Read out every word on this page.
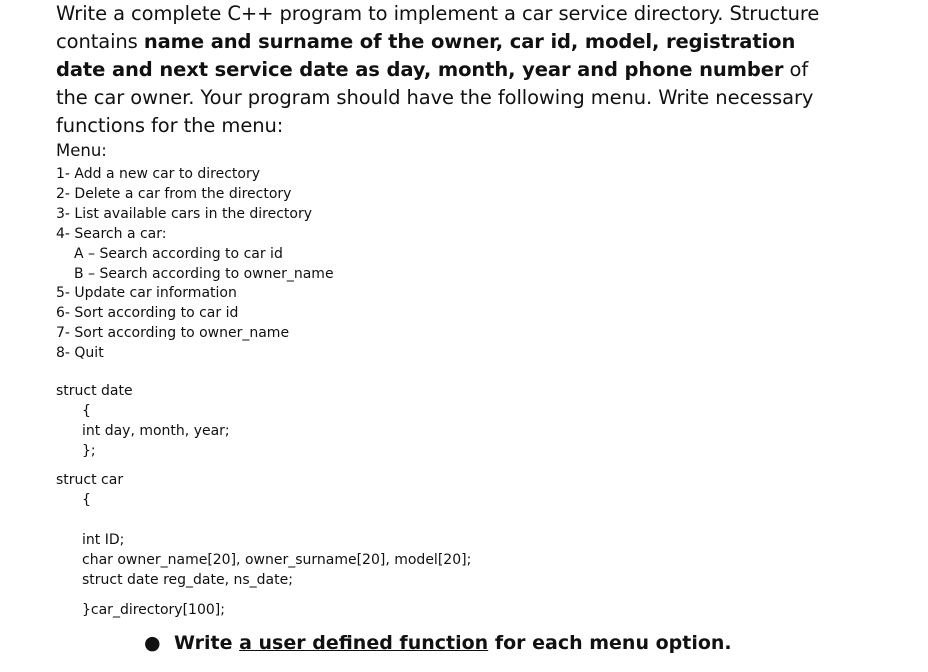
Write a complete C++ program to implement a car service directory. Structure contains name and surname of the owner, car id, model, registration date and next service date as day, month, year and phone number of the car owner. Your program should have the following menu. Write necessary functions for the menu:
Menu:
1- Add a new car to directory
2- Delete a car from the directory
3- List available cars in the directory
4- Search a car:
A – Search according to car id
B – Search according to owner_name
5- Update car information
6- Sort according to car id
7- Sort according to owner_name
8- Quit
struct date
{
int day, month, year;
};
struct car
{
int ID;
char owner_name[20], owner_surname[20], model[20];
struct date reg_date, ns_date;
}car_directory[100];
● Write a user defined function for each menu option.
